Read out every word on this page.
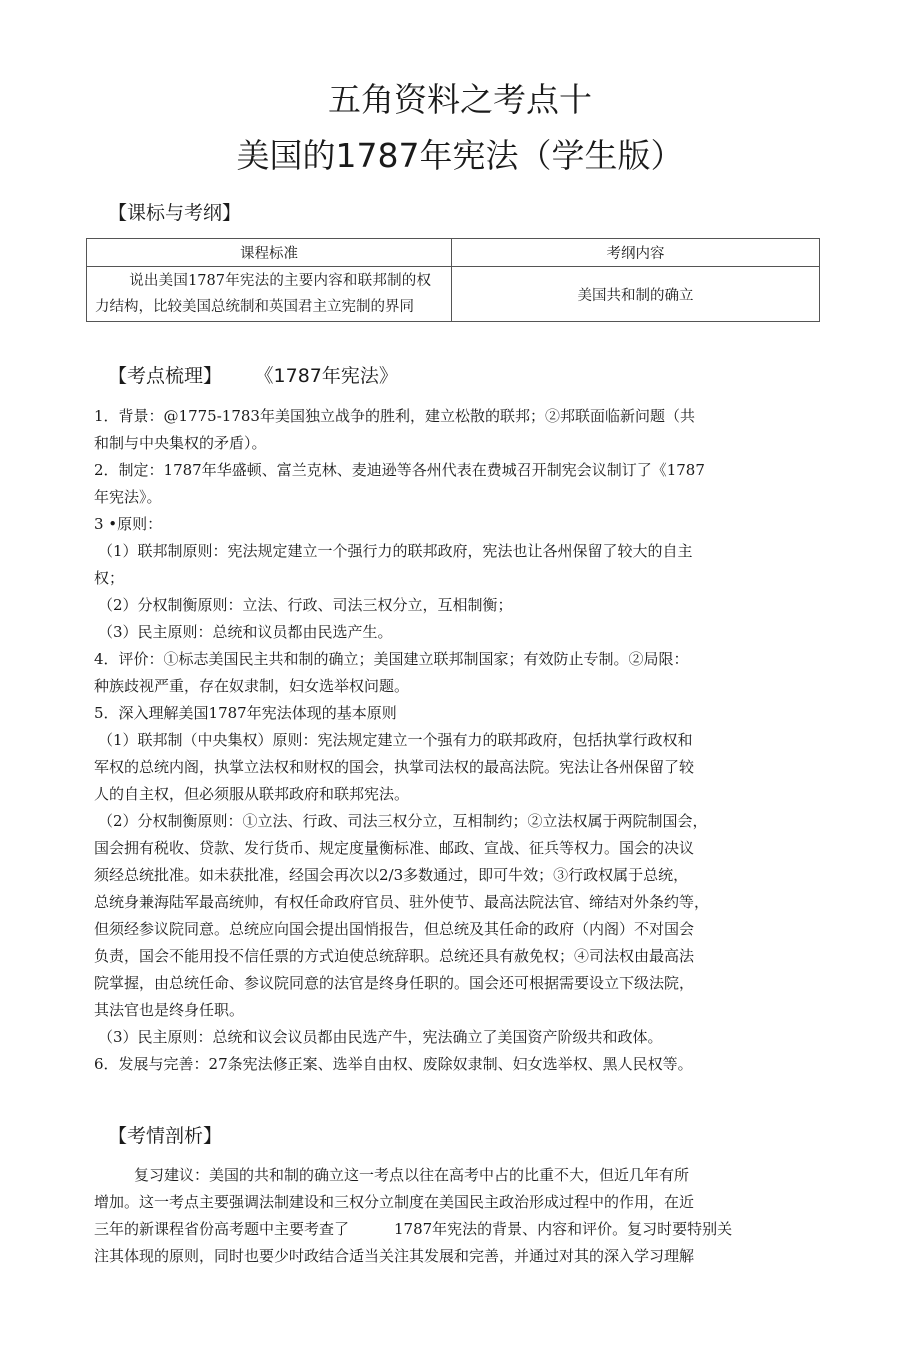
五角资料之考点十
美国的1787年宪法（学生版）
【课标与考纲】
课程标准	考纲内容
说出美国1787年宪法的主要内容和联邦制的权力结构，比较美国总统制和英国君主立宪制的界同	美国共和制的确立
【考点梳理】 《1787年宪法》

1．背景：@1775-1783年美国独立战争的胜利，建立松散的联邦；②邦联面临新问题（共

和制与中央集权的矛盾）。

2．制定：1787年华盛顿、富兰克林、麦迪逊等各州代表在费城召开制宪会议制订了《1787

年宪法》。

3 •原则：

（1）联邦制原则：宪法规定建立一个强行力的联邦政府，宪法也让各州保留了较大的自主

权；

（2）分权制衡原则：立法、行政、司法三权分立，互相制衡；

（3）民主原则：总统和议员都由民选产生。

4．评价：①标志美国民主共和制的确立；美国建立联邦制国家；有效防止专制。②局限：

种族歧视严重，存在奴隶制，妇女选举权问题。

5．深入理解美国1787年宪法体现的基本原则

（1）联邦制（中央集权）原则：宪法规定建立一个强有力的联邦政府，包括执掌行政权和

军权的总统内阁，执掌立法权和财权的国会，执掌司法权的最高法院。宪法让各州保留了较

人的自主权，但必须服从联邦政府和联邦宪法。

（2）分权制衡原则：①立法、行政、司法三权分立，互相制约；②立法权属于两院制国会，

国会拥有税收、贷款、发行货币、规定度量衡标准、邮政、宣战、征兵等权力。国会的决议

须经总统批准。如未获批准，经国会再次以2/3多数通过，即可牛效；③行政权属于总统，

总统身兼海陆军最高统帅，有权任命政府官员、驻外使节、最高法院法官、缔结对外条约等，

但须经参议院同意。总统应向国会提出国悄报告，但总统及其任命的政府（内阁）不对国会

负责，国会不能用投不信任票的方式迫使总统辞职。总统还具有赦免权；④司法权由最高法

院掌握，由总统任命、参议院同意的法官是终身任职的。国会还可根据需要设立下级法院，

其法官也是终身任职。

（3）民主原则：总统和议会议员都由民选产牛，宪法确立了美国资产阶级共和政体。

6．发展与完善：27条宪法修正案、选举自由权、废除奴隶制、妇女选举权、黑人民权等。

【考情剖析】

复习建议：美国的共和制的确立这一考点以往在高考中占的比重不大，但近几年有所

增加。这一考点主要强调法制建设和三权分立制度在美国民主政治形成过程中的作用，在近

三年的新课程省份高考题中主要考查了　　　1787年宪法的背景、内容和评价。复习时要特别关

注其体现的原则，同时也要少吋政结合适当关注其发展和完善，并通过对其的深入学习理解
